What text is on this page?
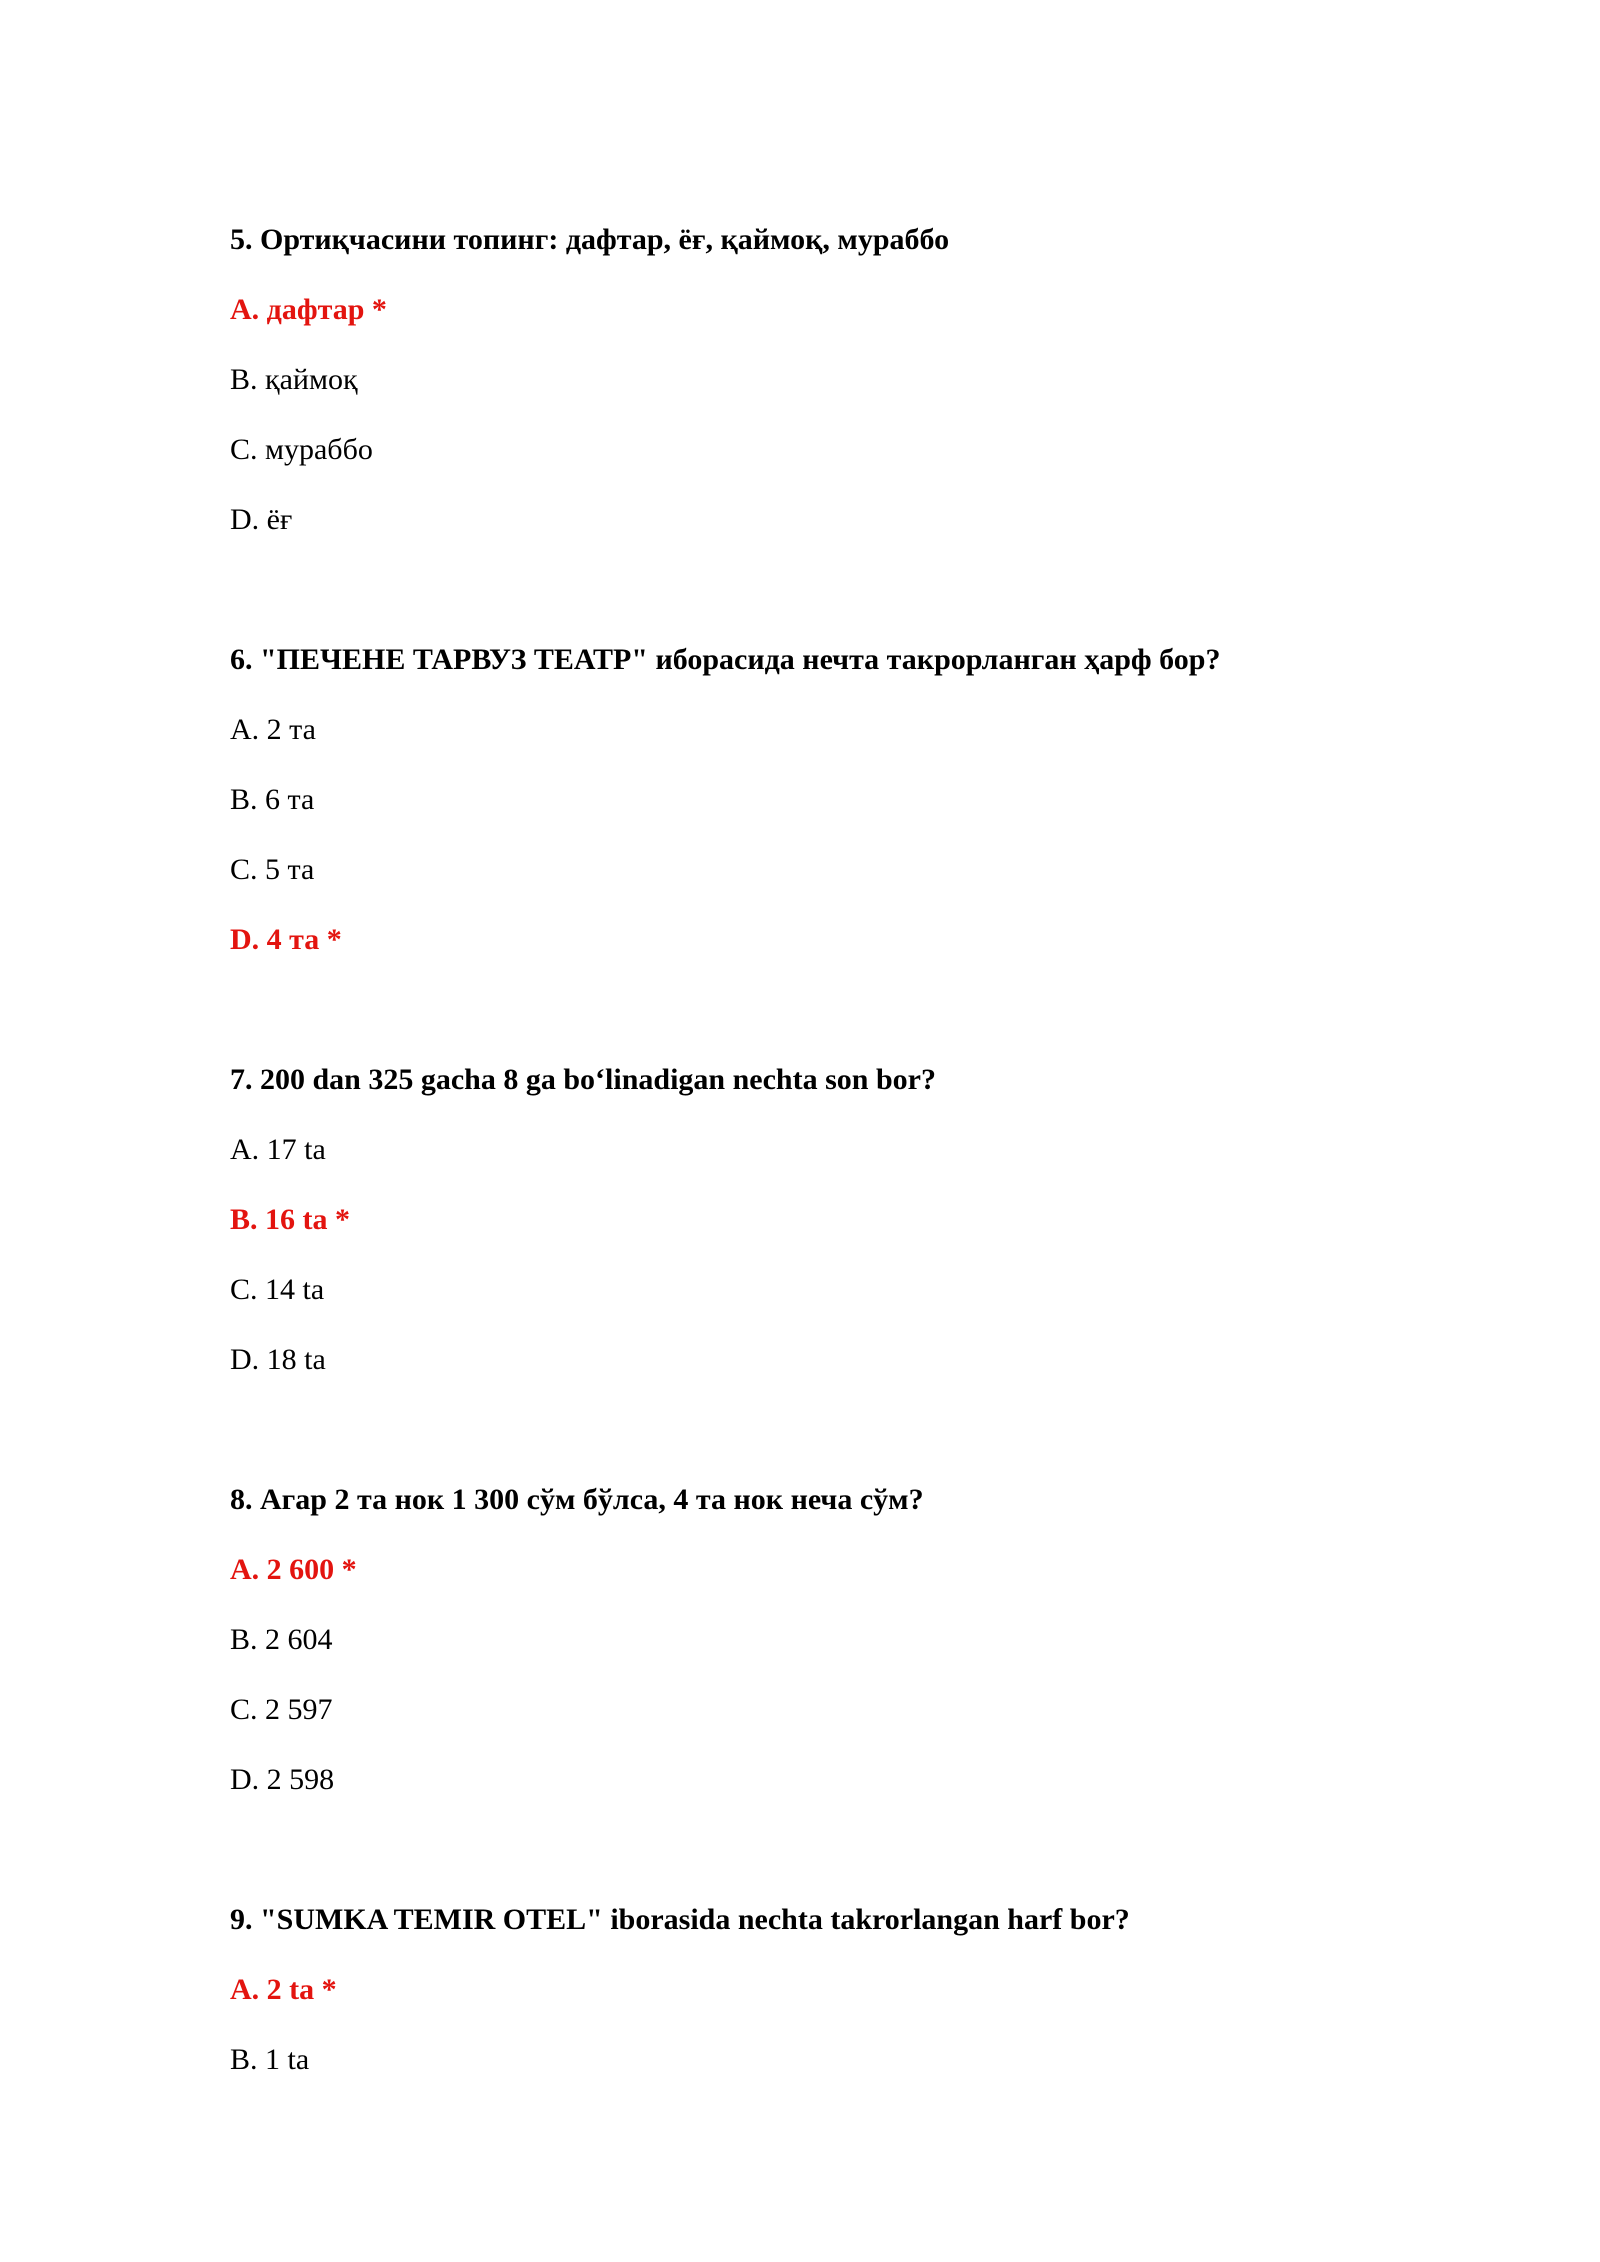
5. Ортиқчасини топинг: дафтар, ёғ, қаймоқ, мураббо
A. дафтар *
B. қаймоқ
C. мураббо
D. ёғ
6. "ПЕЧЕНЕ ТАРВУЗ ТЕАТР" иборасида нечта такрорланган ҳарф бор?
A. 2 та
B. 6 та
C. 5 та
D. 4 та *
7. 200 dan 325 gacha 8 ga bo‘linadigan nechta son bor?
A. 17 ta
B. 16 ta *
C. 14 ta
D. 18 ta
8. Агар 2 та нок 1 300 сўм бўлса, 4 та нок неча сўм?
A. 2 600 *
B. 2 604
C. 2 597
D. 2 598
9. "SUMKA TEMIR OTEL" iborasida nechta takrorlangan harf bor?
A. 2 ta *
B. 1 ta
